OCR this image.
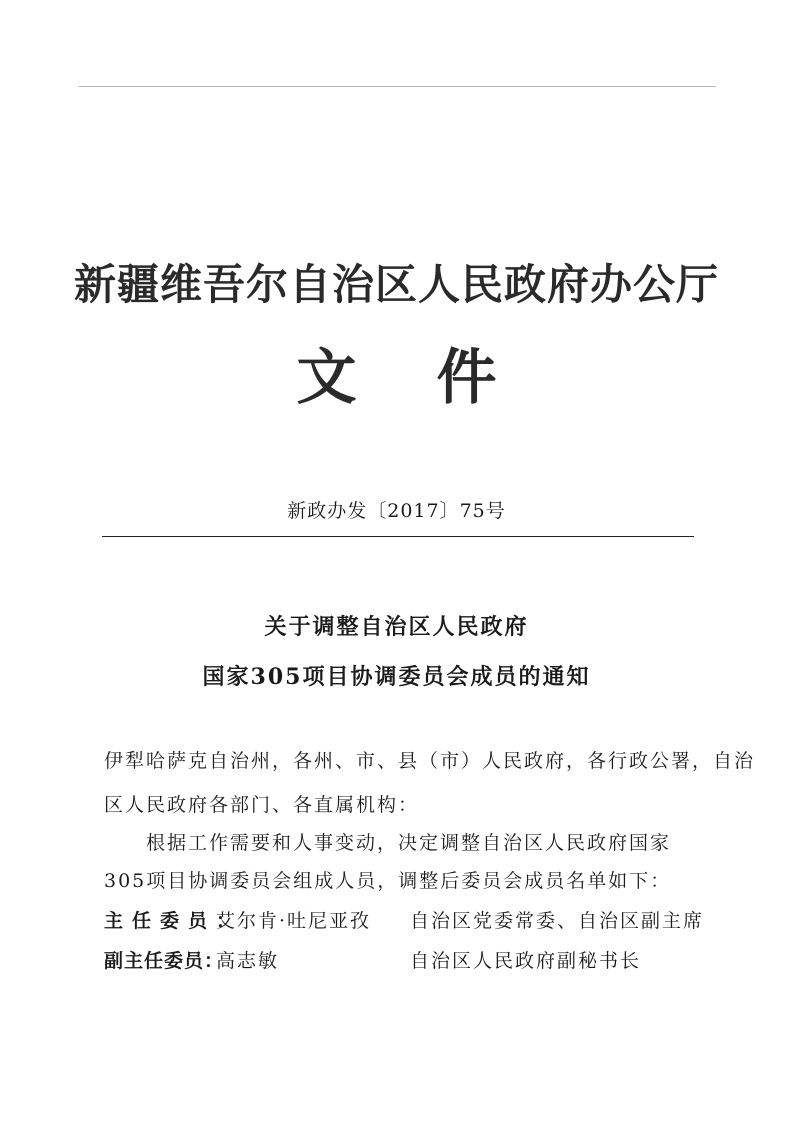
新疆维吾尔自治区人民政府办公厅
文 件
新政办发〔2017〕75号
关于调整自治区人民政府
国家305项目协调委员会成员的通知
伊犁哈萨克自治州，各州、市、县（市）人民政府，各行政公署，自治
区人民政府各部门、各直属机构：
根据工作需要和人事变动，决定调整自治区人民政府国家
305项目协调委员会组成人员，调整后委员会成员名单如下：
主任委员：
艾尔肯·吐尼亚孜 自治区党委常委、自治区副主席
副主任委员：
高志敏	自治区人民政府副秘书长
